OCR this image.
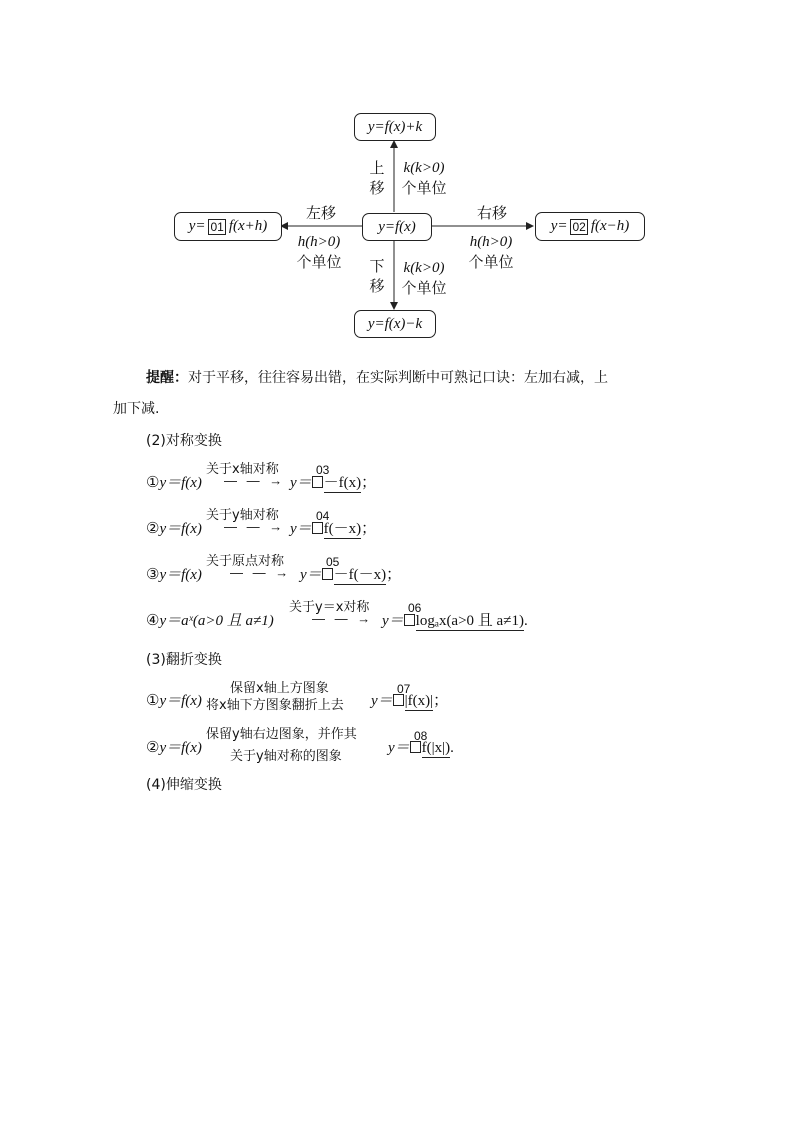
y=f(x)+k
y=f(x)
y=f(x)−k
y= 01 f(x+h)	y= 02 f(x−h)
上
移
k(k>0)
个单位
下
移
k(k>0)
个单位
左移
h(h>0)
个单位
右移
h(h>0)
个单位
提醒：对于平移，往往容易出错，在实际判断中可熟记口诀：左加右减，上
加下减.
(2)对称变换
①y＝f(x)
关于x轴对称
— — → y＝ －f(x)；
03
②y＝f(x)
关于y轴对称
— — → y＝ f(－x)；
04
③y＝f(x)
关于原点对称
— — → y＝ －f(－x)；
05
④y＝aˣ(a>0 且 a≠1)
关于y＝x对称
— — → y＝ logₐx(a>0 且 a≠1).
06
(3)翻折变换
①y＝f(x)
保留x轴上方图象
将x轴下方图象翻折上去 y＝ |f(x)|；
07
②y＝f(x)
保留y轴右边图象，并作其
关于y轴对称的图象
y＝ f(|x|).
08
(4)伸缩变换
